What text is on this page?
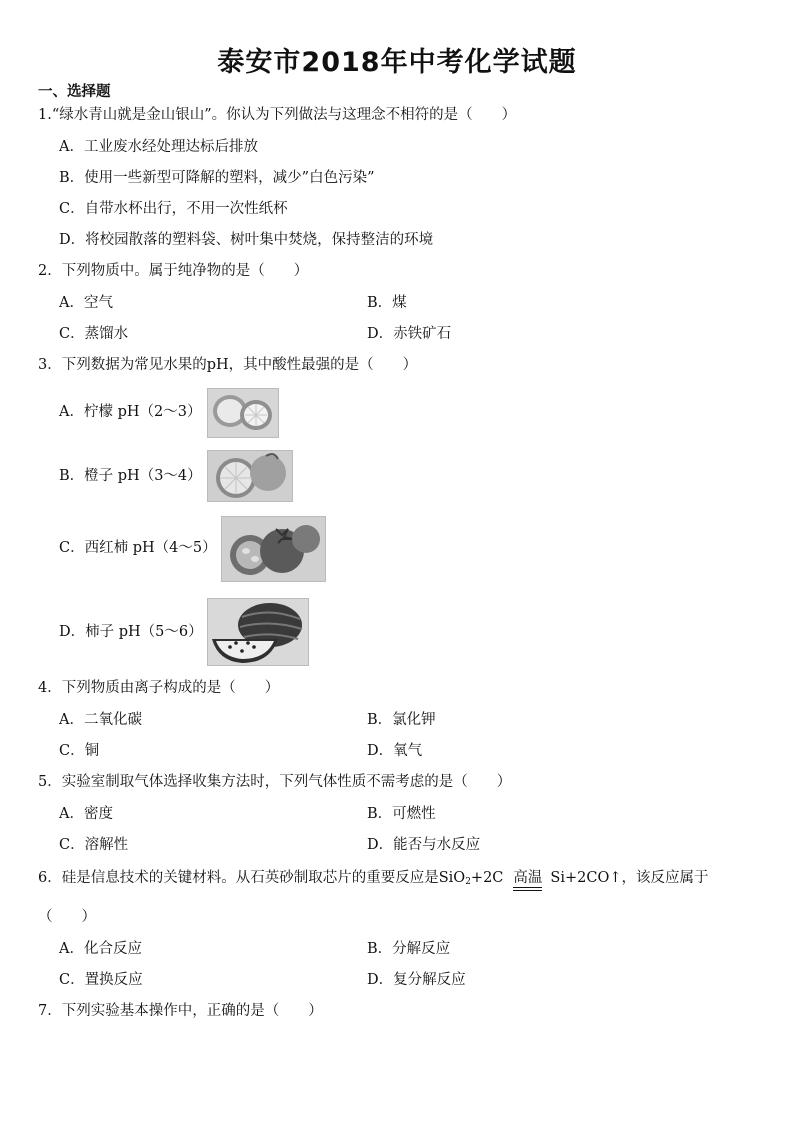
泰安市2018年中考化学试题
一、选择题
1.“绿水青山就是金山银山”。你认为下列做法与这理念不相符的是（　　）
A．工业废水经处理达标后排放
B．使用一些新型可降解的塑料，减少”白色污染”
C．自带水杯出行，不用一次性纸杯
D．将校园散落的塑料袋、树叶集中焚烧，保持整洁的环境
2．下列物质中。属于纯净物的是（　　）
A．空气	B．煤
C．蒸馏水	D．赤铁矿石
3．下列数据为常见水果的pH，其中酸性最强的是（　　）
A．柠檬 pH（2～3）
B．橙子 pH（3～4）
C．西红柿 pH（4～5）
D．柿子 pH（5～6）
4．下列物质由离子构成的是（　　）
A．二氧化碳	B．氯化钾
C．铜	D．氧气
5．实验室制取气体选择收集方法时，下列气体性质不需考虑的是（　　）
A．密度	B．可燃性
C．溶解性	D．能否与水反应
6．硅是信息技术的关键材料。从石英砂制取芯片的重要反应是SiO$_2$+2C 高温 Si+2CO↑，该反应属于
（　　）
A．化合反应	B．分解反应
C．置换反应	D．复分解反应
7．下列实验基本操作中，正确的是（　　）
